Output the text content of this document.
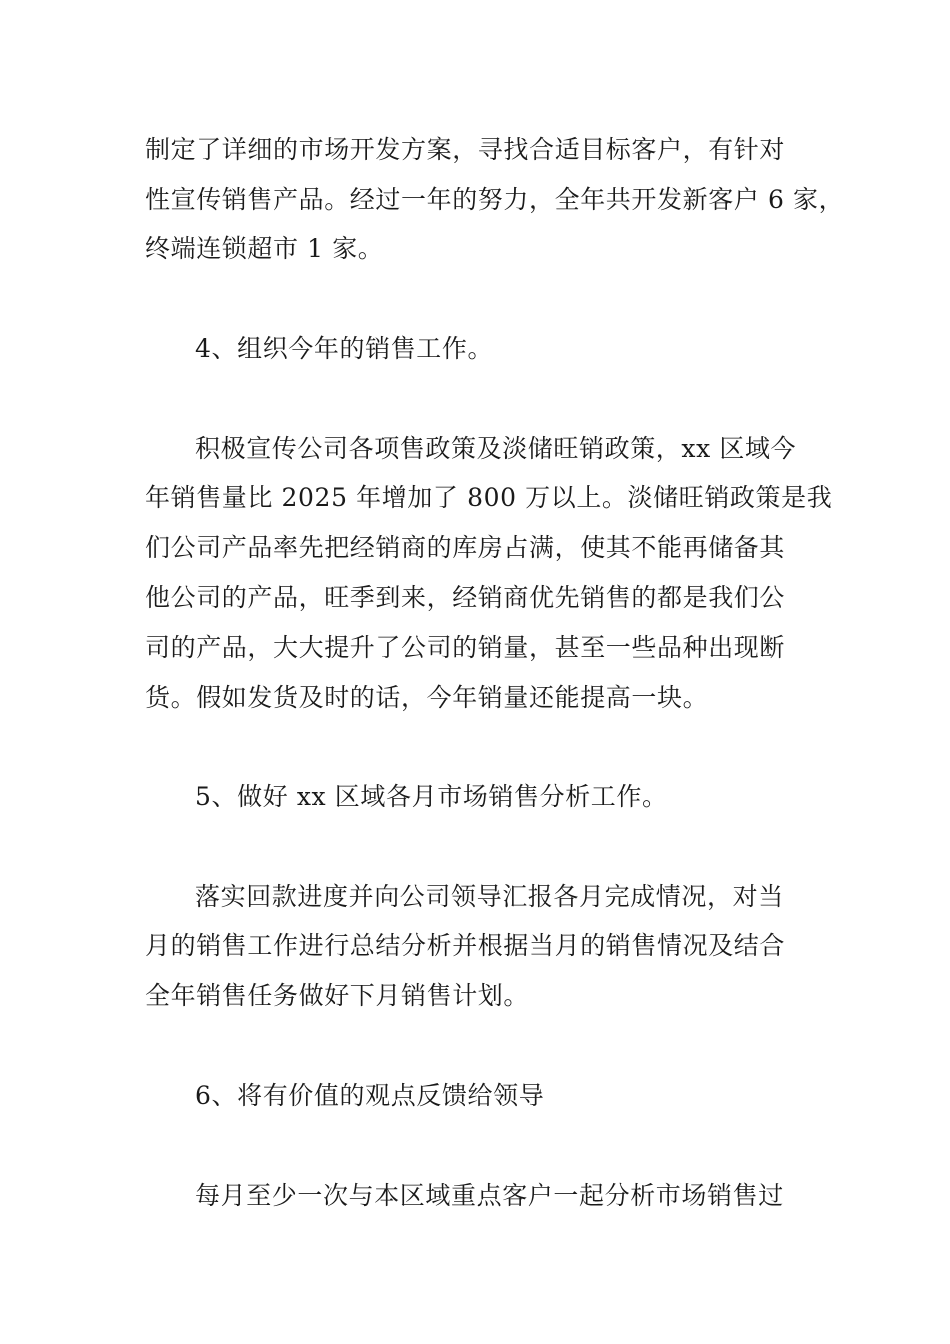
制定了详细的市场开发方案，寻找合适目标客户，有针对
性宣传销售产品。经过一年的努力，全年共开发新客户 6 家，
终端连锁超市 1 家。
4、组织今年的销售工作。
积极宣传公司各项售政策及淡储旺销政策，xx 区域今
年销售量比 2025 年增加了 800 万以上。淡储旺销政策是我
们公司产品率先把经销商的库房占满，使其不能再储备其
他公司的产品，旺季到来，经销商优先销售的都是我们公
司的产品，大大提升了公司的销量，甚至一些品种出现断
货。假如发货及时的话，今年销量还能提高一块。
5、做好 xx 区域各月市场销售分析工作。
落实回款进度并向公司领导汇报各月完成情况，对当
月的销售工作进行总结分析并根据当月的销售情况及结合
全年销售任务做好下月销售计划。
6、将有价值的观点反馈给领导
每月至少一次与本区域重点客户一起分析市场销售过
